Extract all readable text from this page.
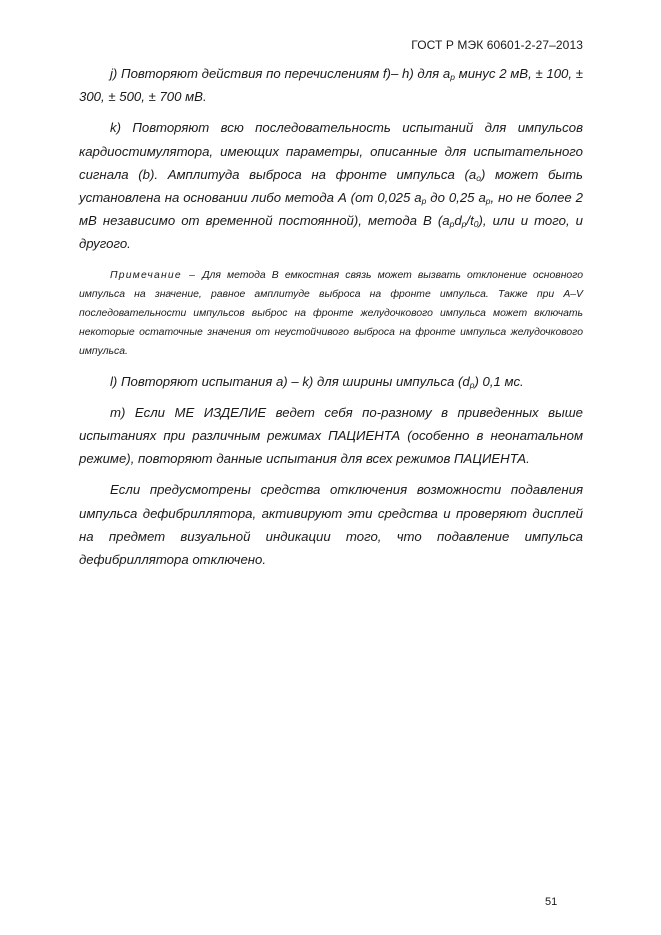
ГОСТ Р МЭК 60601-2-27–2013

j) Повторяют действия по перечислениям f)– h) для $a_p$ минус 2 мВ, ± 100, ± 300, ± 500, ± 700 мВ.

k) Повторяют всю последовательность испытаний для импульсов кардиостимулятора, имеющих параметры, описанные для испытательного сигнала (b). Амплитуда выброса на фронте импульса $(a_o)$ может быть установлена на основании либо метода А (от 0,025 $a_p$ до 0,25 $a_p$, но не более 2 мВ независимо от временной постоянной), метода В $(a_pd_p/t_0)$, или и того, и другого.

Примечание – Для метода В емкостная связь может вызвать отклонение основного импульса на значение, равное амплитуде выброса на фронте импульса. Также при A–V последовательности импульсов выброс на фронте желудочкового импульса может включать некоторые остаточные значения от неустойчивого выброса на фронте импульса желудочкового импульса.

l) Повторяют испытания а) – k) для ширины импульса $(d_p)$ 0,1 мс.

m) Если МЕ ИЗДЕЛИЕ ведет себя по-разному в приведенных выше испытаниях при различным режимах ПАЦИЕНТА (особенно в неонатальном режиме), повторяют данные испытания для всех режимов ПАЦИЕНТА.

Если предусмотрены средства отключения возможности подавления импульса дефибриллятора, активируют эти средства и проверяют дисплей на предмет визуальной индикации того, что подавление импульса дефибриллятора отключено.

51
